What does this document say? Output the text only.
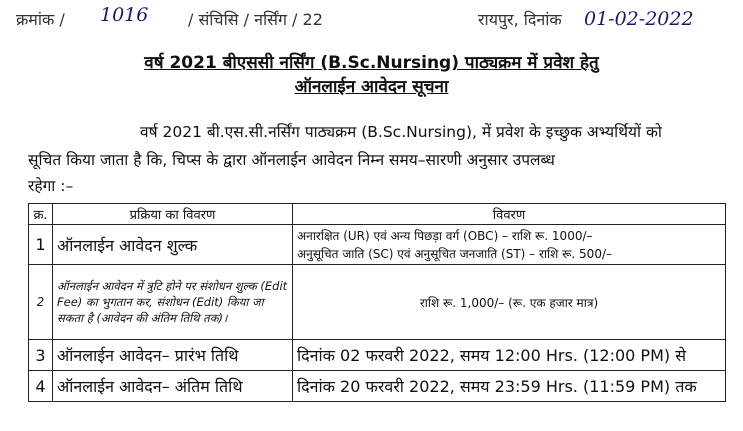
क्रमांक / 1016 / संचिसि / नर्सिंग / 22	रायपुर, दिनांक 01-02-2022
वर्ष 2021 बीएससी नर्सिंग (B.Sc.Nursing) पाठ्यक्रम में प्रवेश हेतु
ऑनलाईन आवेदन सूचना
वर्ष 2021 बी.एस.सी.नर्सिंग पाठ्यक्रम (B.Sc.Nursing), में प्रवेश के इच्छुक अभ्यर्थियों को
सूचित किया जाता है कि, चिप्स के द्वारा ऑनलाईन आवेदन निम्न समय–सारणी अनुसार उपलब्ध
रहेगा :–
क्र.	प्रक्रिया का विवरण	विवरण
1	ऑनलाईन आवेदन शुल्क	अनारक्षित (UR) एवं अन्य पिछड़ा वर्ग (OBC) – राशि रू. 1000/–
अनुसूचित जाति (SC) एवं अनुसूचित जनजाति (ST) – राशि रू. 500/–

2	ऑनलाईन आवेदन में त्रुटि होने पर संशोधन शुल्क (Edit Fee) का भुगतान कर, संशोधन (Edit) किया जा सकता है (आवेदन की अंतिम तिथि तक)।	राशि रू. 1,000/– (रू. एक हजार मात्र)
3	ऑनलाईन आवेदन– प्रारंभ तिथि	दिनांक 02 फरवरी 2022, समय 12:00 Hrs. (12:00 PM) से
4	ऑनलाईन आवेदन– अंतिम तिथि	दिनांक 20 फरवरी 2022, समय 23:59 Hrs. (11:59 PM) तक
